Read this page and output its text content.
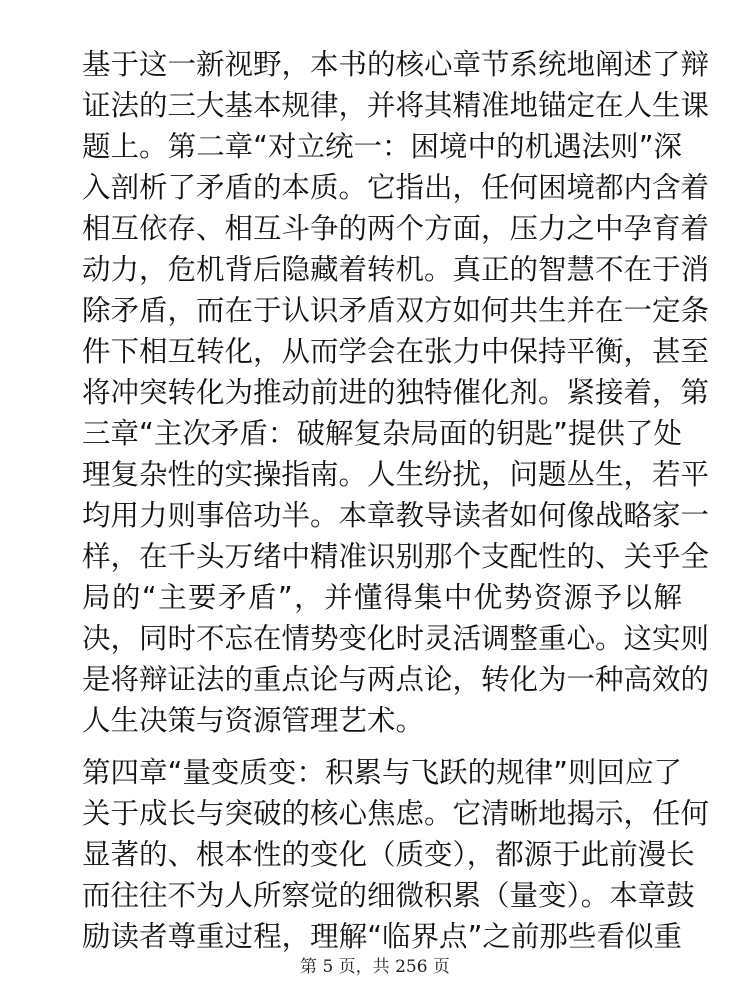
基于这一新视野，本书的核心章节系统地阐述了辩
证法的三大基本规律，并将其精准地锚定在人生课
题上。第二章“对立统一：困境中的机遇法则”深
入剖析了矛盾的本质。它指出，任何困境都内含着
相互依存、相互斗争的两个方面，压力之中孕育着
动力，危机背后隐藏着转机。真正的智慧不在于消
除矛盾，而在于认识矛盾双方如何共生并在一定条
件下相互转化，从而学会在张力中保持平衡，甚至
将冲突转化为推动前进的独特催化剂。紧接着，第
三章“主次矛盾：破解复杂局面的钥匙”提供了处
理复杂性的实操指南。人生纷扰，问题丛生，若平
均用力则事倍功半。本章教导读者如何像战略家一
样，在千头万绪中精准识别那个支配性的、关乎全
局的“主要矛盾”，并懂得集中优势资源予以解
决，同时不忘在情势变化时灵活调整重心。这实则
是将辩证法的重点论与两点论，转化为一种高效的
人生决策与资源管理艺术。
第四章“量变质变：积累与飞跃的规律”则回应了
关于成长与突破的核心焦虑。它清晰地揭示，任何
显著的、根本性的变化（质变），都源于此前漫长
而往往不为人所察觉的细微积累（量变）。本章鼓
励读者尊重过程，理解“临界点”之前那些看似重
第 5 页，共 256 页
